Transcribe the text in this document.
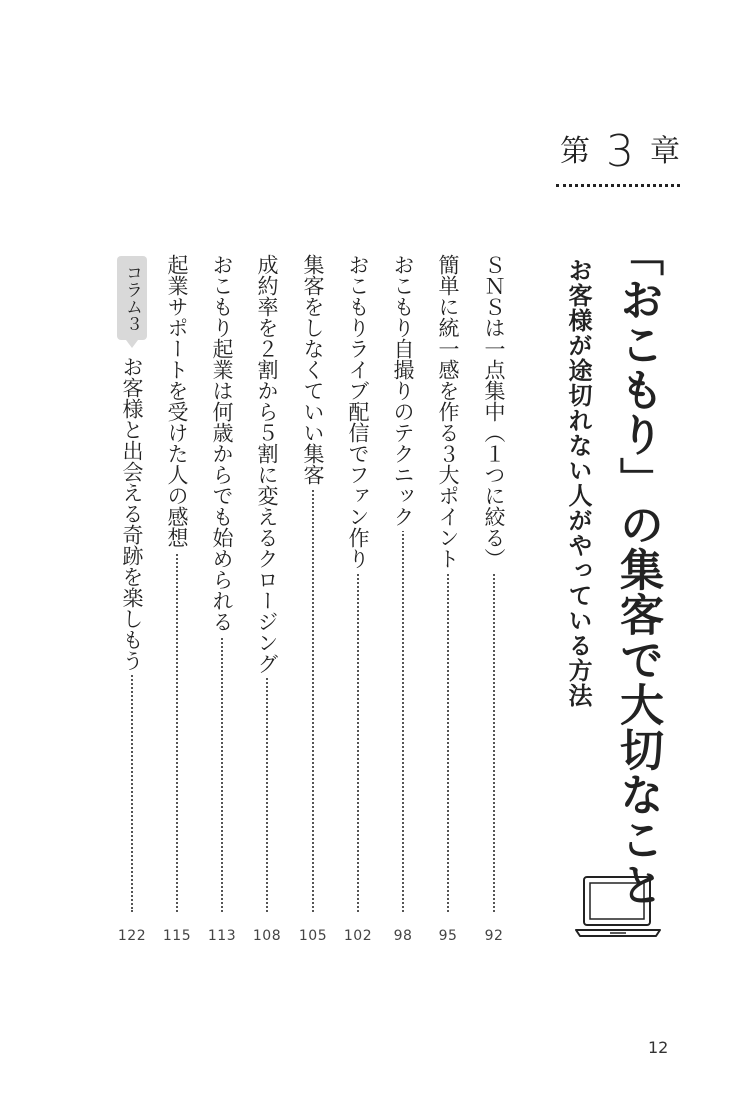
第 3 章
「おこもり」の集客で大切なこと
お客様が途切れない人がやっている方法
ＳＮＳは一点集中（１つに絞る）
92
簡単に統一感を作る３大ポイント
95
おこもり自撮りのテクニック
98
おこもりライブ配信でファン作り
102
集客をしなくていい集客
105
成約率を２割から５割に変えるクロージング
108
おこもり起業は何歳からでも始められる
113
起業サポートを受けた人の感想
115
コラム３
お客様と出会える奇跡を楽しもう
122
12
